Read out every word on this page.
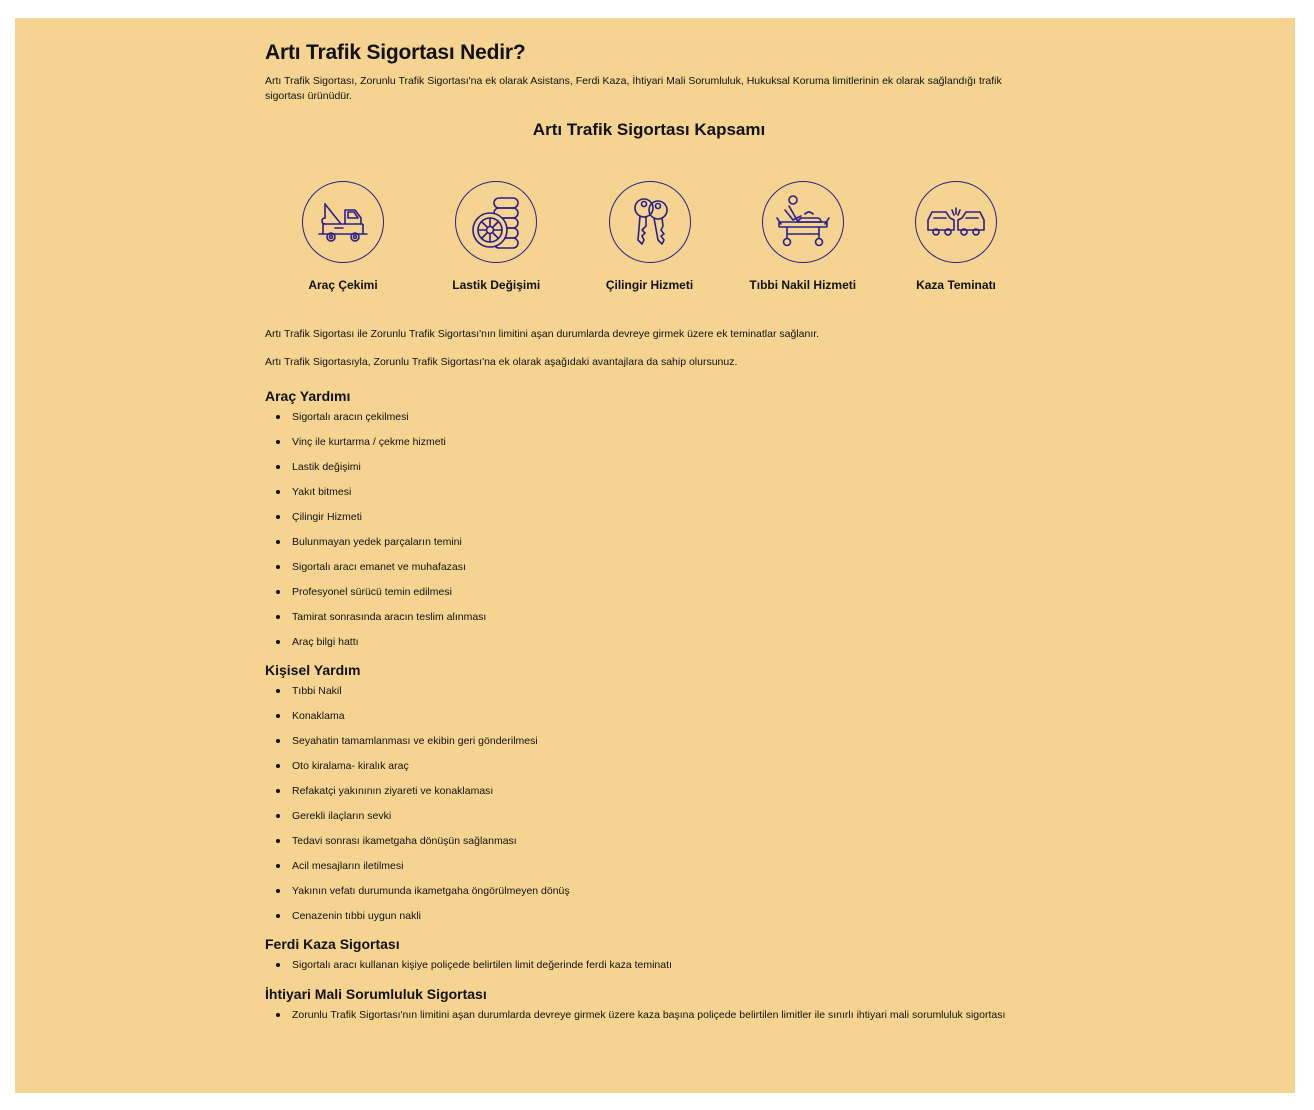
Artı Trafik Sigortası Nedir?

Artı Trafik Sigortası, Zorunlu Trafik Sigortası'na ek olarak Asistans, Ferdi Kaza, İhtiyari Mali Sorumluluk, Hukuksal Koruma limitlerinin ek olarak sağlandığı trafik sigortası ürünüdür.

Artı Trafik Sigortası Kapsamı
Araç Çekimi	Lastik Değişimi	Çilingir Hizmeti	Tıbbi Nakil Hizmeti	Kaza Teminatı

Artı Trafik Sigortası ile Zorunlu Trafik Sigortası'nın limitini aşan durumlarda devreye girmek üzere ek teminatlar sağlanır.

Artı Trafik Sigortasıyla, Zorunlu Trafik Sigortası'na ek olarak aşağıdaki avantajlara da sahip olursunuz.

Araç Yardımı
Sigortalı aracın çekilmesi
Vinç ile kurtarma / çekme hizmeti
Lastik değişimi
Yakıt bitmesi
Çilingir Hizmeti
Bulunmayan yedek parçaların temini
Sigortalı aracı emanet ve muhafazası
Profesyonel sürücü temin edilmesi
Tamirat sonrasında aracın teslim alınması
Araç bilgi hattı
Kişisel Yardım
Tıbbi Nakil
Konaklama
Seyahatin tamamlanması ve ekibin geri gönderilmesi
Oto kiralama- kiralık araç
Refakatçi yakınının ziyareti ve konaklaması
Gerekli ilaçların sevki
Tedavi sonrası ikametgaha dönüşün sağlanması
Acil mesajların iletilmesi
Yakının vefatı durumunda ikametgaha öngörülmeyen dönüş
Cenazenin tıbbi uygun nakli
Ferdi Kaza Sigortası
Sigortalı aracı kullanan kişiye poliçede belirtilen limit değerinde ferdi kaza teminatı
İhtiyari Mali Sorumluluk Sigortası
Zorunlu Trafik Sigortası'nın limitini aşan durumlarda devreye girmek üzere kaza başına poliçede belirtilen limitler ile sınırlı ihtiyari mali sorumluluk sigortası
